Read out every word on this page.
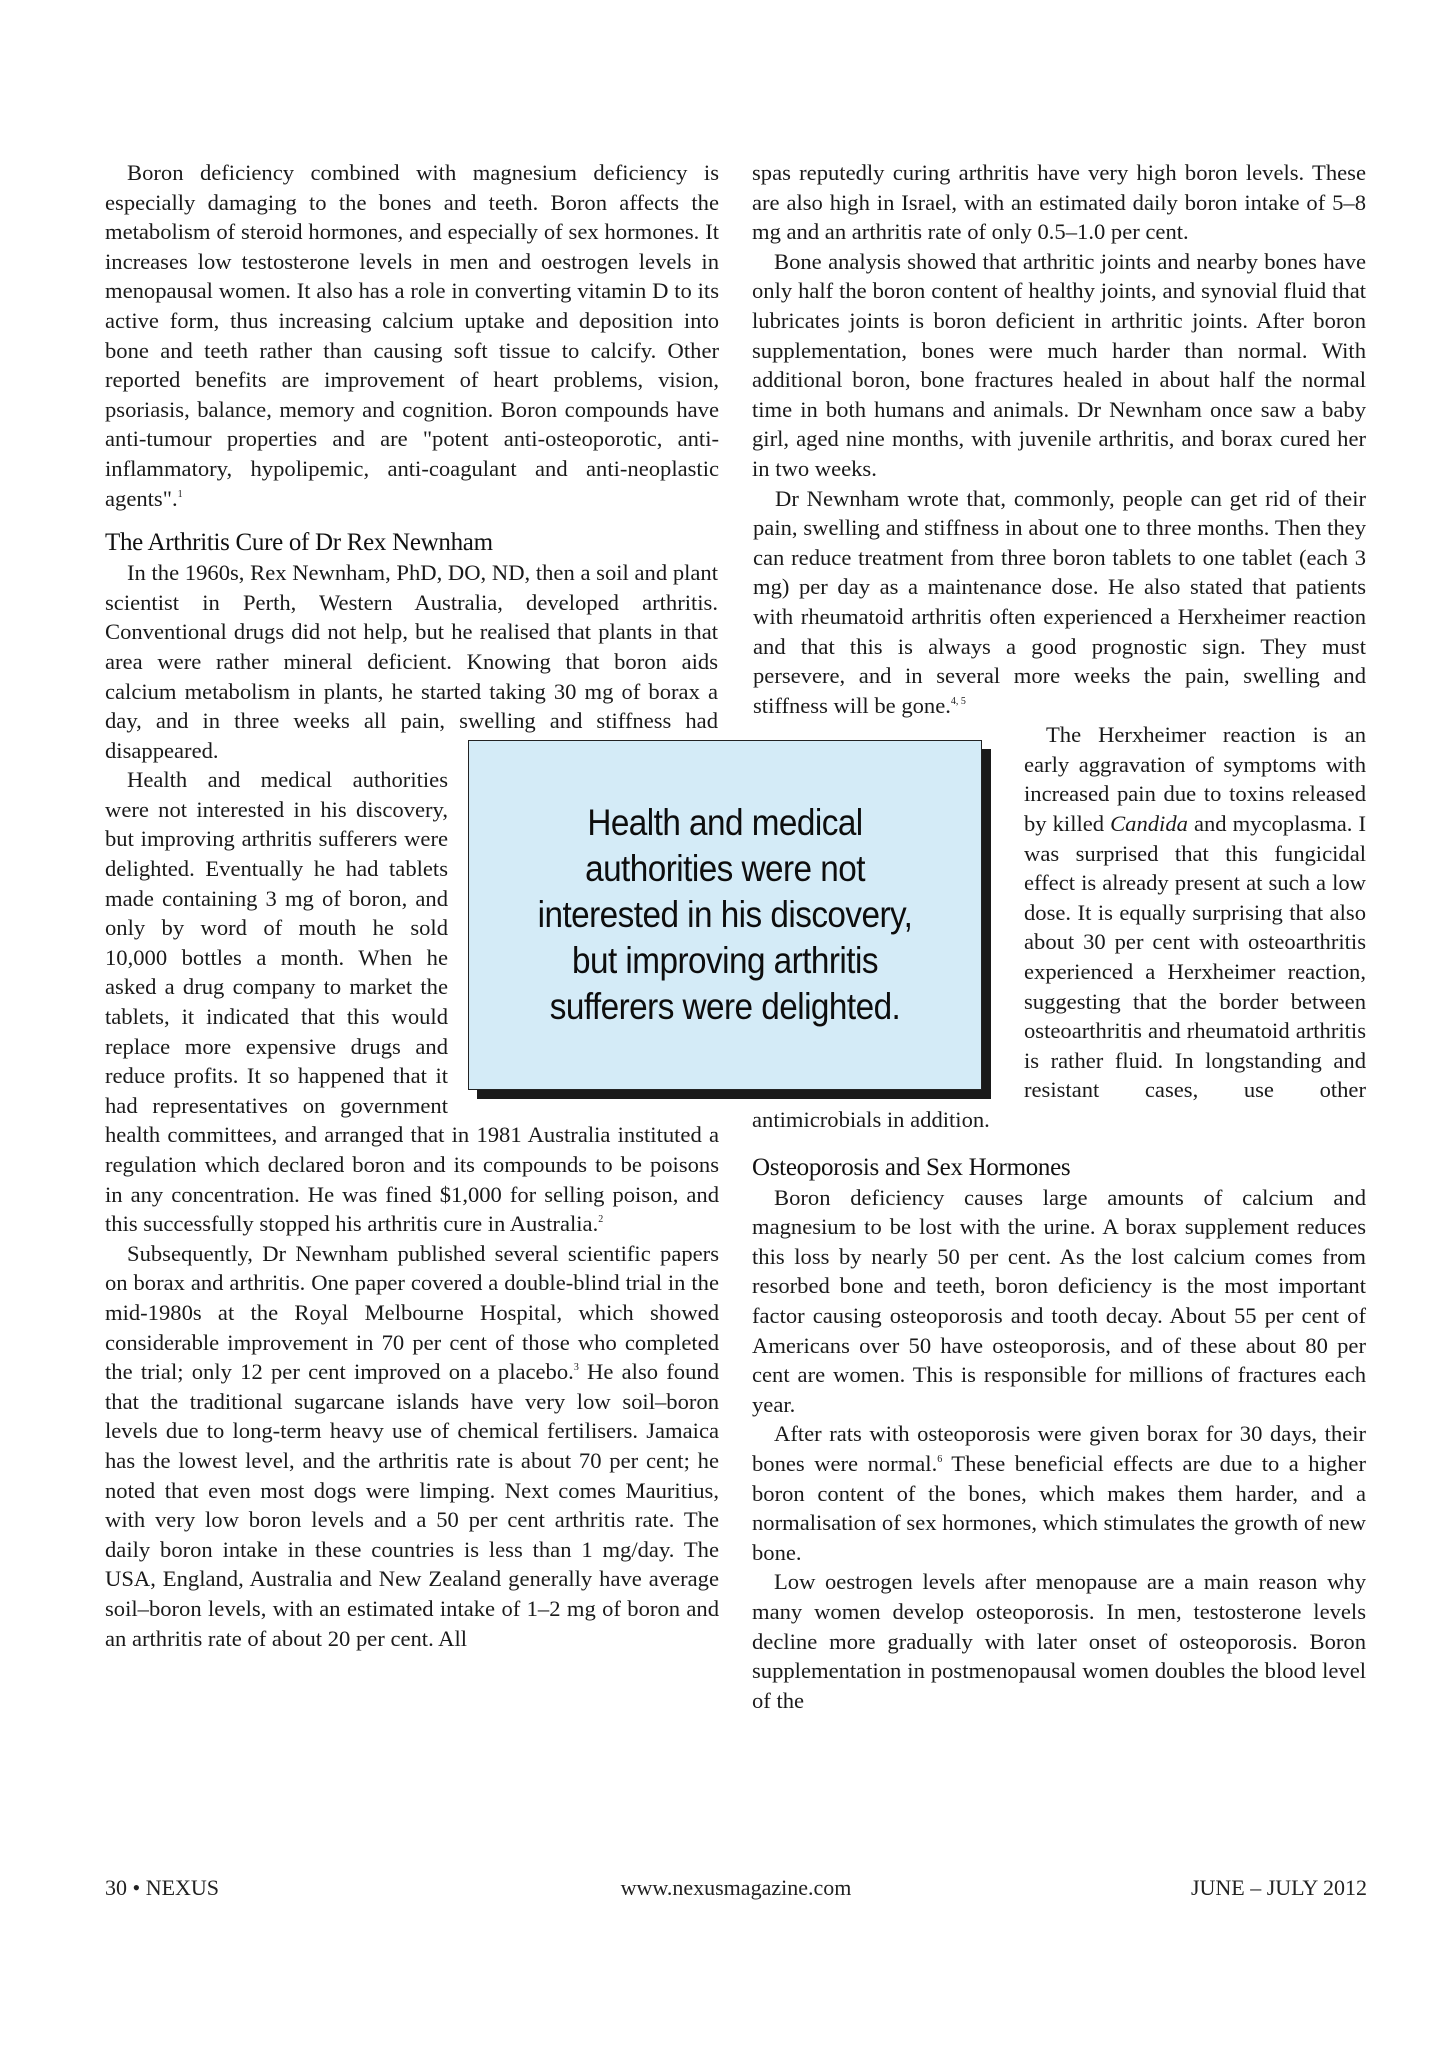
Boron deficiency combined with magnesium deficiency is especially damaging to the bones and teeth. Boron affects the metabolism of steroid hormones, and especially of sex hormones. It increases low testosterone levels in men and oestrogen levels in menopausal women. It also has a role in converting vitamin D to its active form, thus increasing calcium uptake and deposition into bone and teeth rather than causing soft tissue to calcify. Other reported benefits are improvement of heart problems, vision, psoriasis, balance, memory and cognition. Boron compounds have anti-tumour properties and are "potent anti-osteoporotic, anti-inflammatory, hypolipemic, anti-coagulant and anti-neoplastic agents".$^1$

The Arthritis Cure of Dr Rex Newnham

In the 1960s, Rex Newnham, PhD, DO, ND, then a soil and plant scientist in Perth, Western Australia, developed arthritis. Conventional drugs did not help, but he realised that plants in that area were rather mineral deficient. Knowing that boron aids calcium metabolism in plants, he started taking 30 mg of borax a day, and in three weeks all pain, swelling and stiffness had disappeared.

Health and medical authorities were not interested in his discovery, but improving arthritis sufferers were delighted. Eventually he had tablets made containing 3 mg of boron, and only by word of mouth he sold 10,000 bottles a month. When he asked a drug company to market the tablets, it indicated that this would replace more expensive drugs and reduce profits. It so happened that it had representatives on government health committees, and arranged that in 1981 Australia instituted a regulation which declared boron and its compounds to be poisons in any concentration. He was fined $1,000 for selling poison, and this successfully stopped his arthritis cure in Australia.$^2$

Subsequently, Dr Newnham published several scientific papers on borax and arthritis. One paper covered a double-blind trial in the mid-1980s at the Royal Melbourne Hospital, which showed considerable improvement in 70 per cent of those who completed the trial; only 12 per cent improved on a placebo.$^3$ He also found that the traditional sugarcane islands have very low soil–boron levels due to long-term heavy use of chemical fertilisers. Jamaica has the lowest level, and the arthritis rate is about 70 per cent; he noted that even most dogs were limping. Next comes Mauritius, with very low boron levels and a 50 per cent arthritis rate. The daily boron intake in these countries is less than 1 mg/day. The USA, England, Australia and New Zealand generally have average soil–boron levels, with an estimated intake of 1–2 mg of boron and an arthritis rate of about 20 per cent. All

spas reputedly curing arthritis have very high boron levels. These are also high in Israel, with an estimated daily boron intake of 5–8 mg and an arthritis rate of only 0.5–1.0 per cent.

Bone analysis showed that arthritic joints and nearby bones have only half the boron content of healthy joints, and synovial fluid that lubricates joints is boron deficient in arthritic joints. After boron supplementation, bones were much harder than normal. With additional boron, bone fractures healed in about half the normal time in both humans and animals. Dr Newnham once saw a baby girl, aged nine months, with juvenile arthritis, and borax cured her in two weeks.

Dr Newnham wrote that, commonly, people can get rid of their pain, swelling and stiffness in about one to three months. Then they can reduce treatment from three boron tablets to one tablet (each 3 mg) per day as a maintenance dose. He also stated that patients with rheumatoid arthritis often experienced a Herxheimer reaction and that this is always a good prognostic sign. They must persevere, and in several more weeks the pain, swelling and stiffness will be gone.$^{4, 5}$

The Herxheimer reaction is an early aggravation of symptoms with increased pain due to toxins released by killed Candida and mycoplasma. I was surprised that this fungicidal effect is already present at such a low dose. It is equally surprising that also about 30 per cent with osteoarthritis experienced a Herxheimer reaction, suggesting that the border between osteoarthritis and rheumatoid arthritis is rather fluid. In longstanding and resistant cases, use other antimicrobials in addition.

Osteoporosis and Sex Hormones

Boron deficiency causes large amounts of calcium and magnesium to be lost with the urine. A borax supplement reduces this loss by nearly 50 per cent. As the lost calcium comes from resorbed bone and teeth, boron deficiency is the most important factor causing osteoporosis and tooth decay. About 55 per cent of Americans over 50 have osteoporosis, and of these about 80 per cent are women. This is responsible for millions of fractures each year.

After rats with osteoporosis were given borax for 30 days, their bones were normal.$^6$ These beneficial effects are due to a higher boron content of the bones, which makes them harder, and a normalisation of sex hormones, which stimulates the growth of new bone.

Low oestrogen levels after menopause are a main reason why many women develop osteoporosis. In men, testosterone levels decline more gradually with later onset of osteoporosis. Boron supplementation in postmenopausal women doubles the blood level of the

Health and medical authorities were not interested in his discovery, but improving arthritis sufferers were delighted.
30 • NEXUS	www.nexusmagazine.com	JUNE – JULY 2012
